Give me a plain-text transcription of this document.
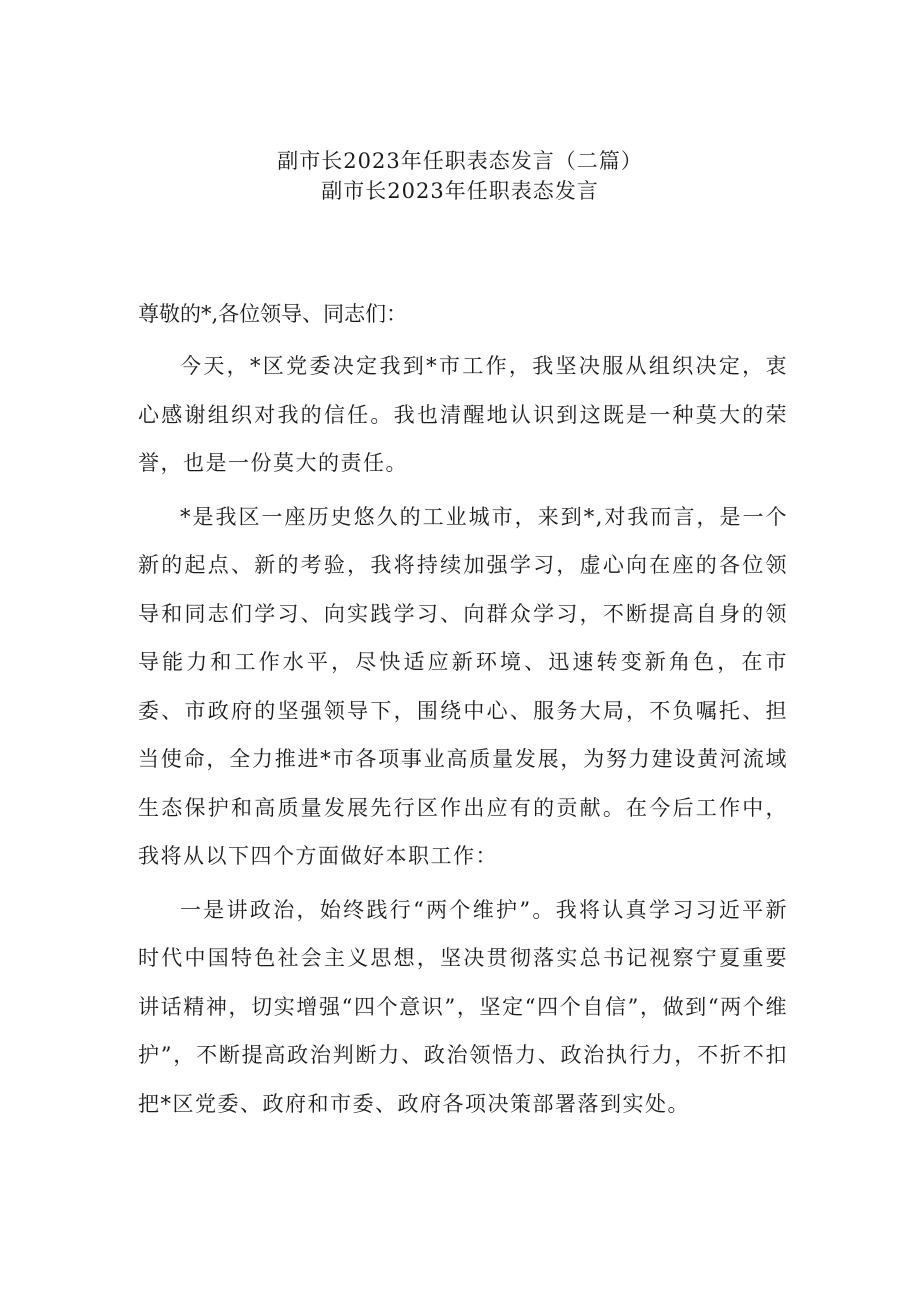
副市长2023年任职表态发言（二篇）
副市长2023年任职表态发言
尊敬的*,各位领导、同志们：

今天，*区党委决定我到*市工作，我坚决服从组织决定，衷心感谢组织对我的信任。我也清醒地认识到这既是一种莫大的荣誉，也是一份莫大的责任。

*是我区一座历史悠久的工业城市，来到*,对我而言，是一个新的起点、新的考验，我将持续加强学习，虚心向在座的各位领导和同志们学习、向实践学习、向群众学习，不断提高自身的领导能力和工作水平，尽快适应新环境、迅速转变新角色，在市委、市政府的坚强领导下，围绕中心、服务大局，不负嘱托、担当使命，全力推进*市各项事业高质量发展，为努力建设黄河流域生态保护和高质量发展先行区作出应有的贡献。在今后工作中，我将从以下四个方面做好本职工作：

一是讲政治，始终践行“两个维护”。我将认真学习习近平新时代中国特色社会主义思想，坚决贯彻落实总书记视察宁夏重要讲话精神，切实增强“四个意识”，坚定“四个自信”，做到“两个维护”，不断提高政治判断力、政治领悟力、政治执行力，不折不扣把*区党委、政府和市委、政府各项决策部署落到实处。
